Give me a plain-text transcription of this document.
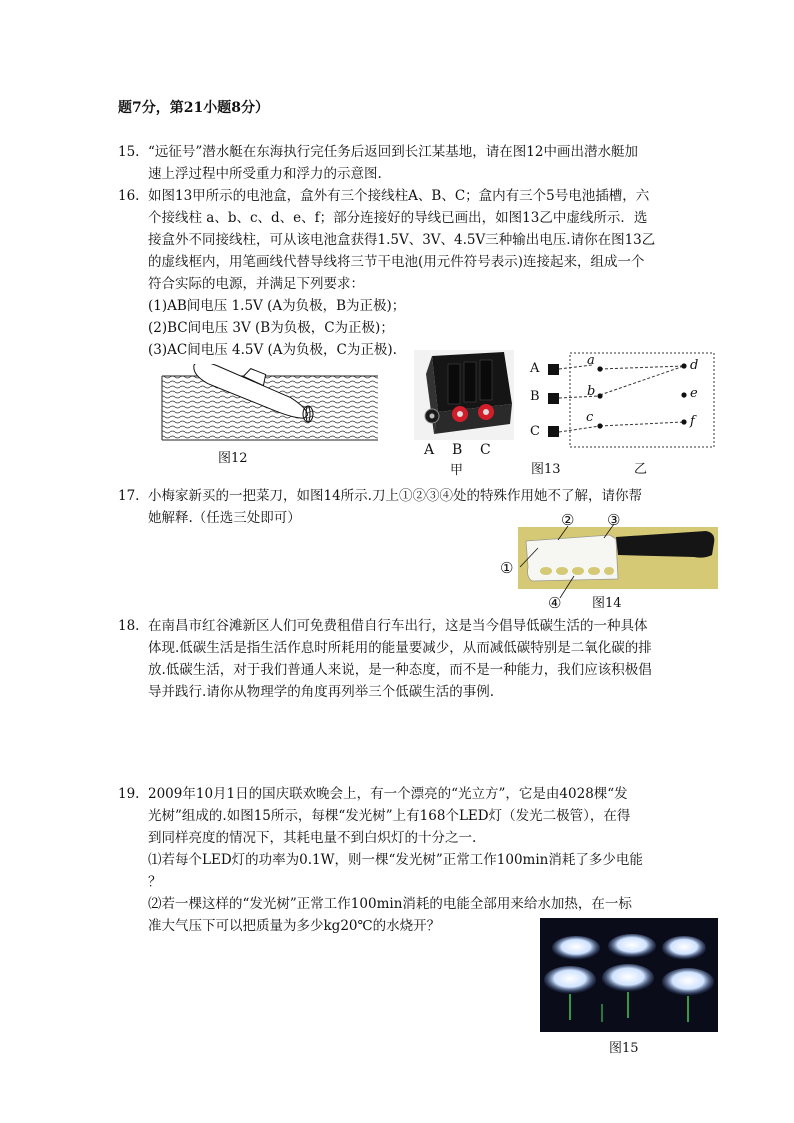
题7分，第21小题8分）
15. “远征号”潜水艇在东海执行完任务后返回到长江某基地，请在图12中画出潜水艇加
速上浮过程中所受重力和浮力的示意图.
16. 如图13甲所示的电池盒，盒外有三个接线柱A、B、C；盒内有三个5号电池插槽，六
个接线柱 a、b、c、d、e、f；部分连接好的导线已画出，如图13乙中虚线所示．选
接盒外不同接线柱，可从该电池盒获得1.5V、3V、4.5V三种输出电压.请你在图13乙
的虚线框内，用笔画线代替导线将三节干电池(用元件符号表示)连接起来，组成一个
符合实际的电源，并满足下列要求：
(1)AB间电压 1.5V (A为负极，B为正极)；
(2)BC间电压 3V (B为负极，C为正极)；
(3)AC间电压 4.5V (A为负极，C为正极).
图12
A B C
甲
A
B
C
a
b
c
d
e
f
图13	乙
17. 小梅家新买的一把菜刀，如图14所示.刀上①②③④处的特殊作用她不了解，请你帮
她解释.（任选三处即可）
①
② ③
④ 图14
18. 在南昌市红谷滩新区人们可免费租借自行车出行，这是当今倡导低碳生活的一种具体
体现.低碳生活是指生活作息时所耗用的能量要减少，从而减低碳特别是二氧化碳的排
放.低碳生活，对于我们普通人来说，是一种态度，而不是一种能力，我们应该积极倡
导并践行.请你从物理学的角度再列举三个低碳生活的事例.
19. 2009年10月1日的国庆联欢晚会上，有一个漂亮的“光立方”，它是由4028棵“发
光树”组成的.如图15所示，每棵“发光树”上有168个LED灯（发光二极管），在得
到同样亮度的情况下，其耗电量不到白炽灯的十分之一.
⑴若每个LED灯的功率为0.1W，则一棵“发光树”正常工作100min消耗了多少电能
？
⑵若一棵这样的“发光树”正常工作100min消耗的电能全部用来给水加热，在一标
准大气压下可以把质量为多少kg20℃的水烧开？
图15
